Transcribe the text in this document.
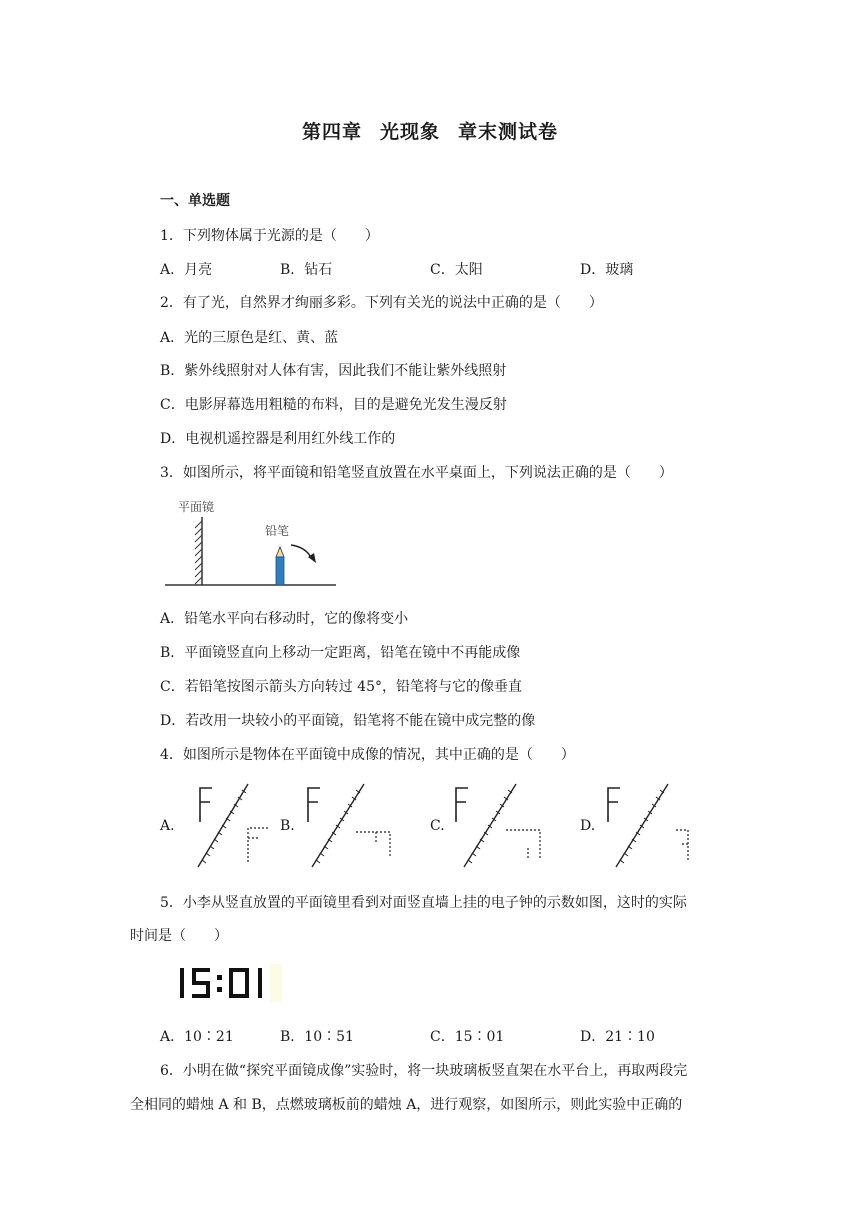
第四章 光现象 章末测试卷
一、单选题
1．下列物体属于光源的是（　　）
A．月亮	B．钻石	C．太阳	D．玻璃
2．有了光，自然界才绚丽多彩。下列有关光的说法中正确的是（　　）
A．光的三原色是红、黄、蓝
B．紫外线照射对人体有害，因此我们不能让紫外线照射
C．电影屏幕选用粗糙的布料，目的是避免光发生漫反射
D．电视机遥控器是利用红外线工作的
3．如图所示，将平面镜和铅笔竖直放置在水平桌面上，下列说法正确的是（　　）
平面镜
铅笔
A．铅笔水平向右移动时，它的像将变小
B．平面镜竖直向上移动一定距离，铅笔在镜中不再能成像
C．若铅笔按图示箭头方向转过 45°，铅笔将与它的像垂直
D．若改用一块较小的平面镜，铅笔将不能在镜中成完整的像
4．如图所示是物体在平面镜中成像的情况，其中正确的是（　　）
A.	B.	C.	D.
5．小李从竖直放置的平面镜里看到对面竖直墙上挂的电子钟的示数如图，这时的实际
时间是（　　）
A．10∶21	B．10∶51	C．15∶01	D．21∶10
6．小明在做“探究平面镜成像”实验时，将一块玻璃板竖直架在水平台上，再取两段完
全相同的蜡烛 A 和 B，点燃玻璃板前的蜡烛 A，进行观察，如图所示，则此实验中正确的
